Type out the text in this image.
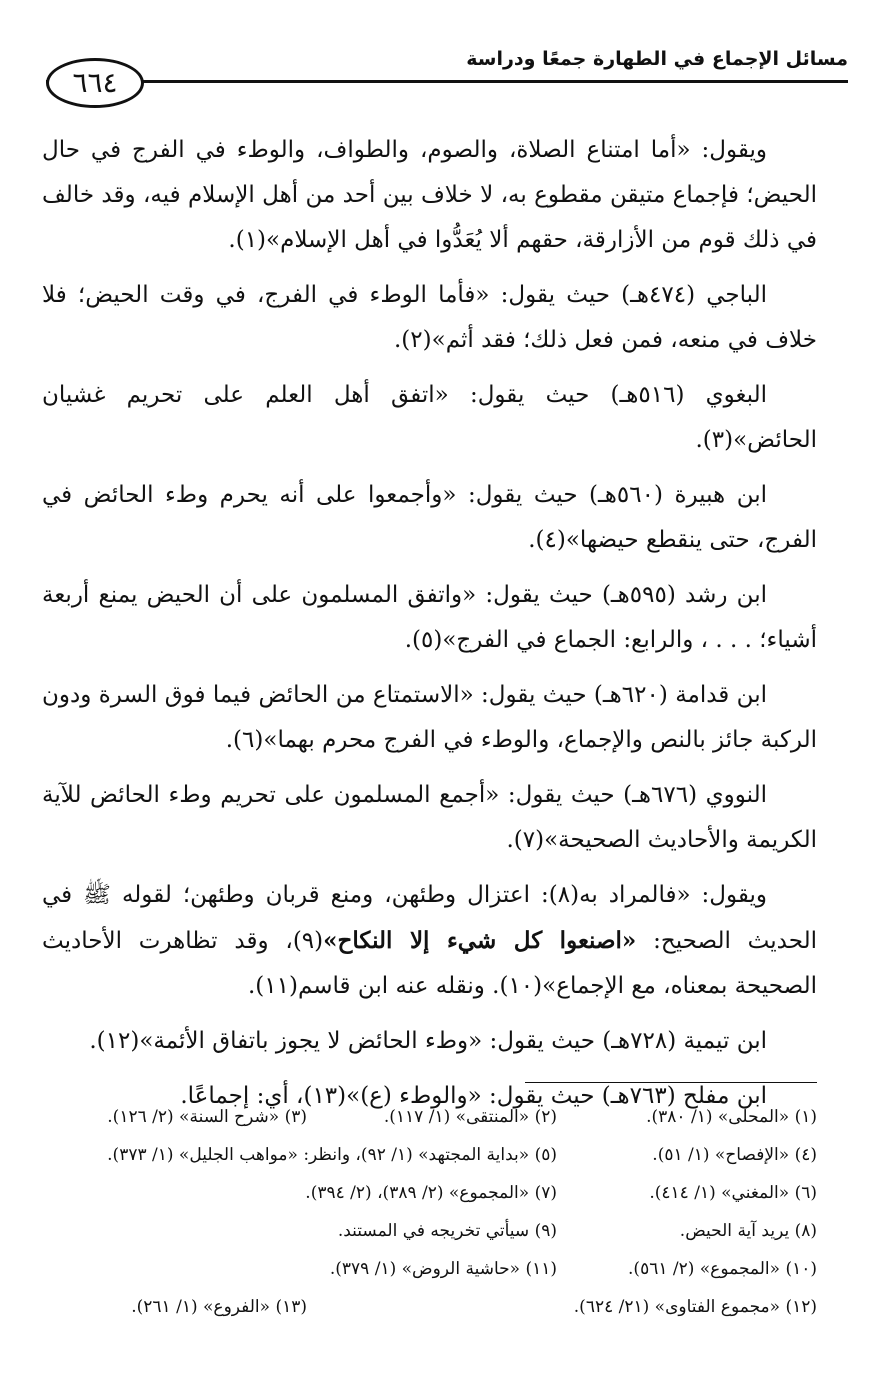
مسائل الإجماع في الطهارة جمعًا ودراسة
٦٦٤

ويقول: «أما امتناع الصلاة، والصوم، والطواف، والوطء في الفرج في حال الحيض؛ فإجماع متيقن مقطوع به، لا خلاف بين أحد من أهل الإسلام فيه، وقد خالف في ذلك قوم من الأزارقة، حقهم ألا يُعَدُّوا في أهل الإسلام»(١).

الباجي (٤٧٤هـ) حيث يقول: «فأما الوطء في الفرج، في وقت الحيض؛ فلا خلاف في منعه، فمن فعل ذلك؛ فقد أثم»(٢).

البغوي (٥١٦هـ) حيث يقول: «اتفق أهل العلم على تحريم غشيان الحائض»(٣).

ابن هبيرة (٥٦٠هـ) حيث يقول: «وأجمعوا على أنه يحرم وطء الحائض في الفرج، حتى ينقطع حيضها»(٤).

ابن رشد (٥٩٥هـ) حيث يقول: «واتفق المسلمون على أن الحيض يمنع أربعة أشياء؛ . . . ، والرابع: الجماع في الفرج»(٥).

ابن قدامة (٦٢٠هـ) حيث يقول: «الاستمتاع من الحائض فيما فوق السرة ودون الركبة جائز بالنص والإجماع، والوطء في الفرج محرم بهما»(٦).

النووي (٦٧٦هـ) حيث يقول: «أجمع المسلمون على تحريم وطء الحائض للآية الكريمة والأحاديث الصحيحة»(٧).

ويقول: «فالمراد به(٨): اعتزال وطئهن، ومنع قربان وطئهن؛ لقوله ﷺ في الحديث الصحيح: «اصنعوا كل شيء إلا النكاح»(٩)، وقد تظاهرت الأحاديث الصحيحة بمعناه، مع الإجماع»(١٠). ونقله عنه ابن قاسم(١١).

ابن تيمية (٧٢٨هـ) حيث يقول: «وطء الحائض لا يجوز باتفاق الأئمة»(١٢).

ابن مفلح (٧٦٣هـ) حيث يقول: «والوطء (ع)»(١٣)، أي: إجماعًا.

(١) «المحلى» (١/ ٣٨٠).
(٢) «المنتقى» (١/ ١١٧).
(٣) «شرح السنة» (٢/ ١٢٦).
(٤) «الإفصاح» (١/ ٥١).
(٥) «بداية المجتهد» (١/ ٩٢)، وانظر: «مواهب الجليل» (١/ ٣٧٣).
(٦) «المغني» (١/ ٤١٤).
(٧) «المجموع» (٢/ ٣٨٩)، (٢/ ٣٩٤).
(٨) يريد آية الحيض.
(٩) سيأتي تخريجه في المستند.
(١٠) «المجموع» (٢/ ٥٦١).
(١١) «حاشية الروض» (١/ ٣٧٩).
(١٢) «مجموع الفتاوى» (٢١/ ٦٢٤).
(١٣) «الفروع» (١/ ٢٦١).
